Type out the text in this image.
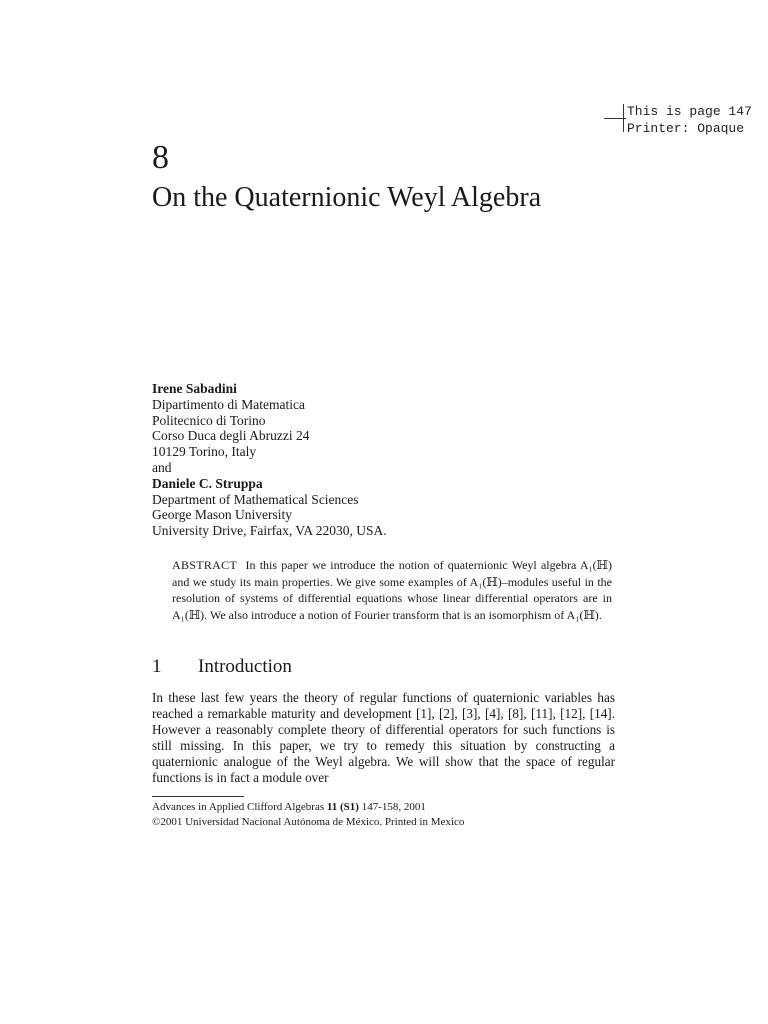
This is page 147
Printer: Opaque
8
On the Quaternionic Weyl Algebra
Irene Sabadini
Dipartimento di Matematica
Politecnico di Torino
Corso Duca degli Abruzzi 24
10129 Torino, Italy
and
Daniele C. Struppa
Department of Mathematical Sciences
George Mason University
University Drive, Fairfax, VA 22030, USA.
ABSTRACT In this paper we introduce the notion of quaternionic Weyl algebra A₁(ℍ) and we study its main properties. We give some examples of A₁(ℍ)–modules useful in the resolution of systems of differential equations whose linear differential operators are in A₁(ℍ). We also introduce a notion of Fourier transform that is an isomorphism of A₁(ℍ).
1 Introduction

In these last few years the theory of regular functions of quaternionic variables has reached a remarkable maturity and development [1], [2], [3], [4], [8], [11], [12], [14]. However a reasonably complete theory of differential operators for such functions is still missing. In this paper, we try to remedy this situation by constructing a quaternionic analogue of the Weyl algebra. We will show that the space of regular functions is in fact a module over

Advances in Applied Clifford Algebras 11 (S1) 147-158, 2001
©2001 Universidad Nacional Autónoma de México. Printed in Mexico
